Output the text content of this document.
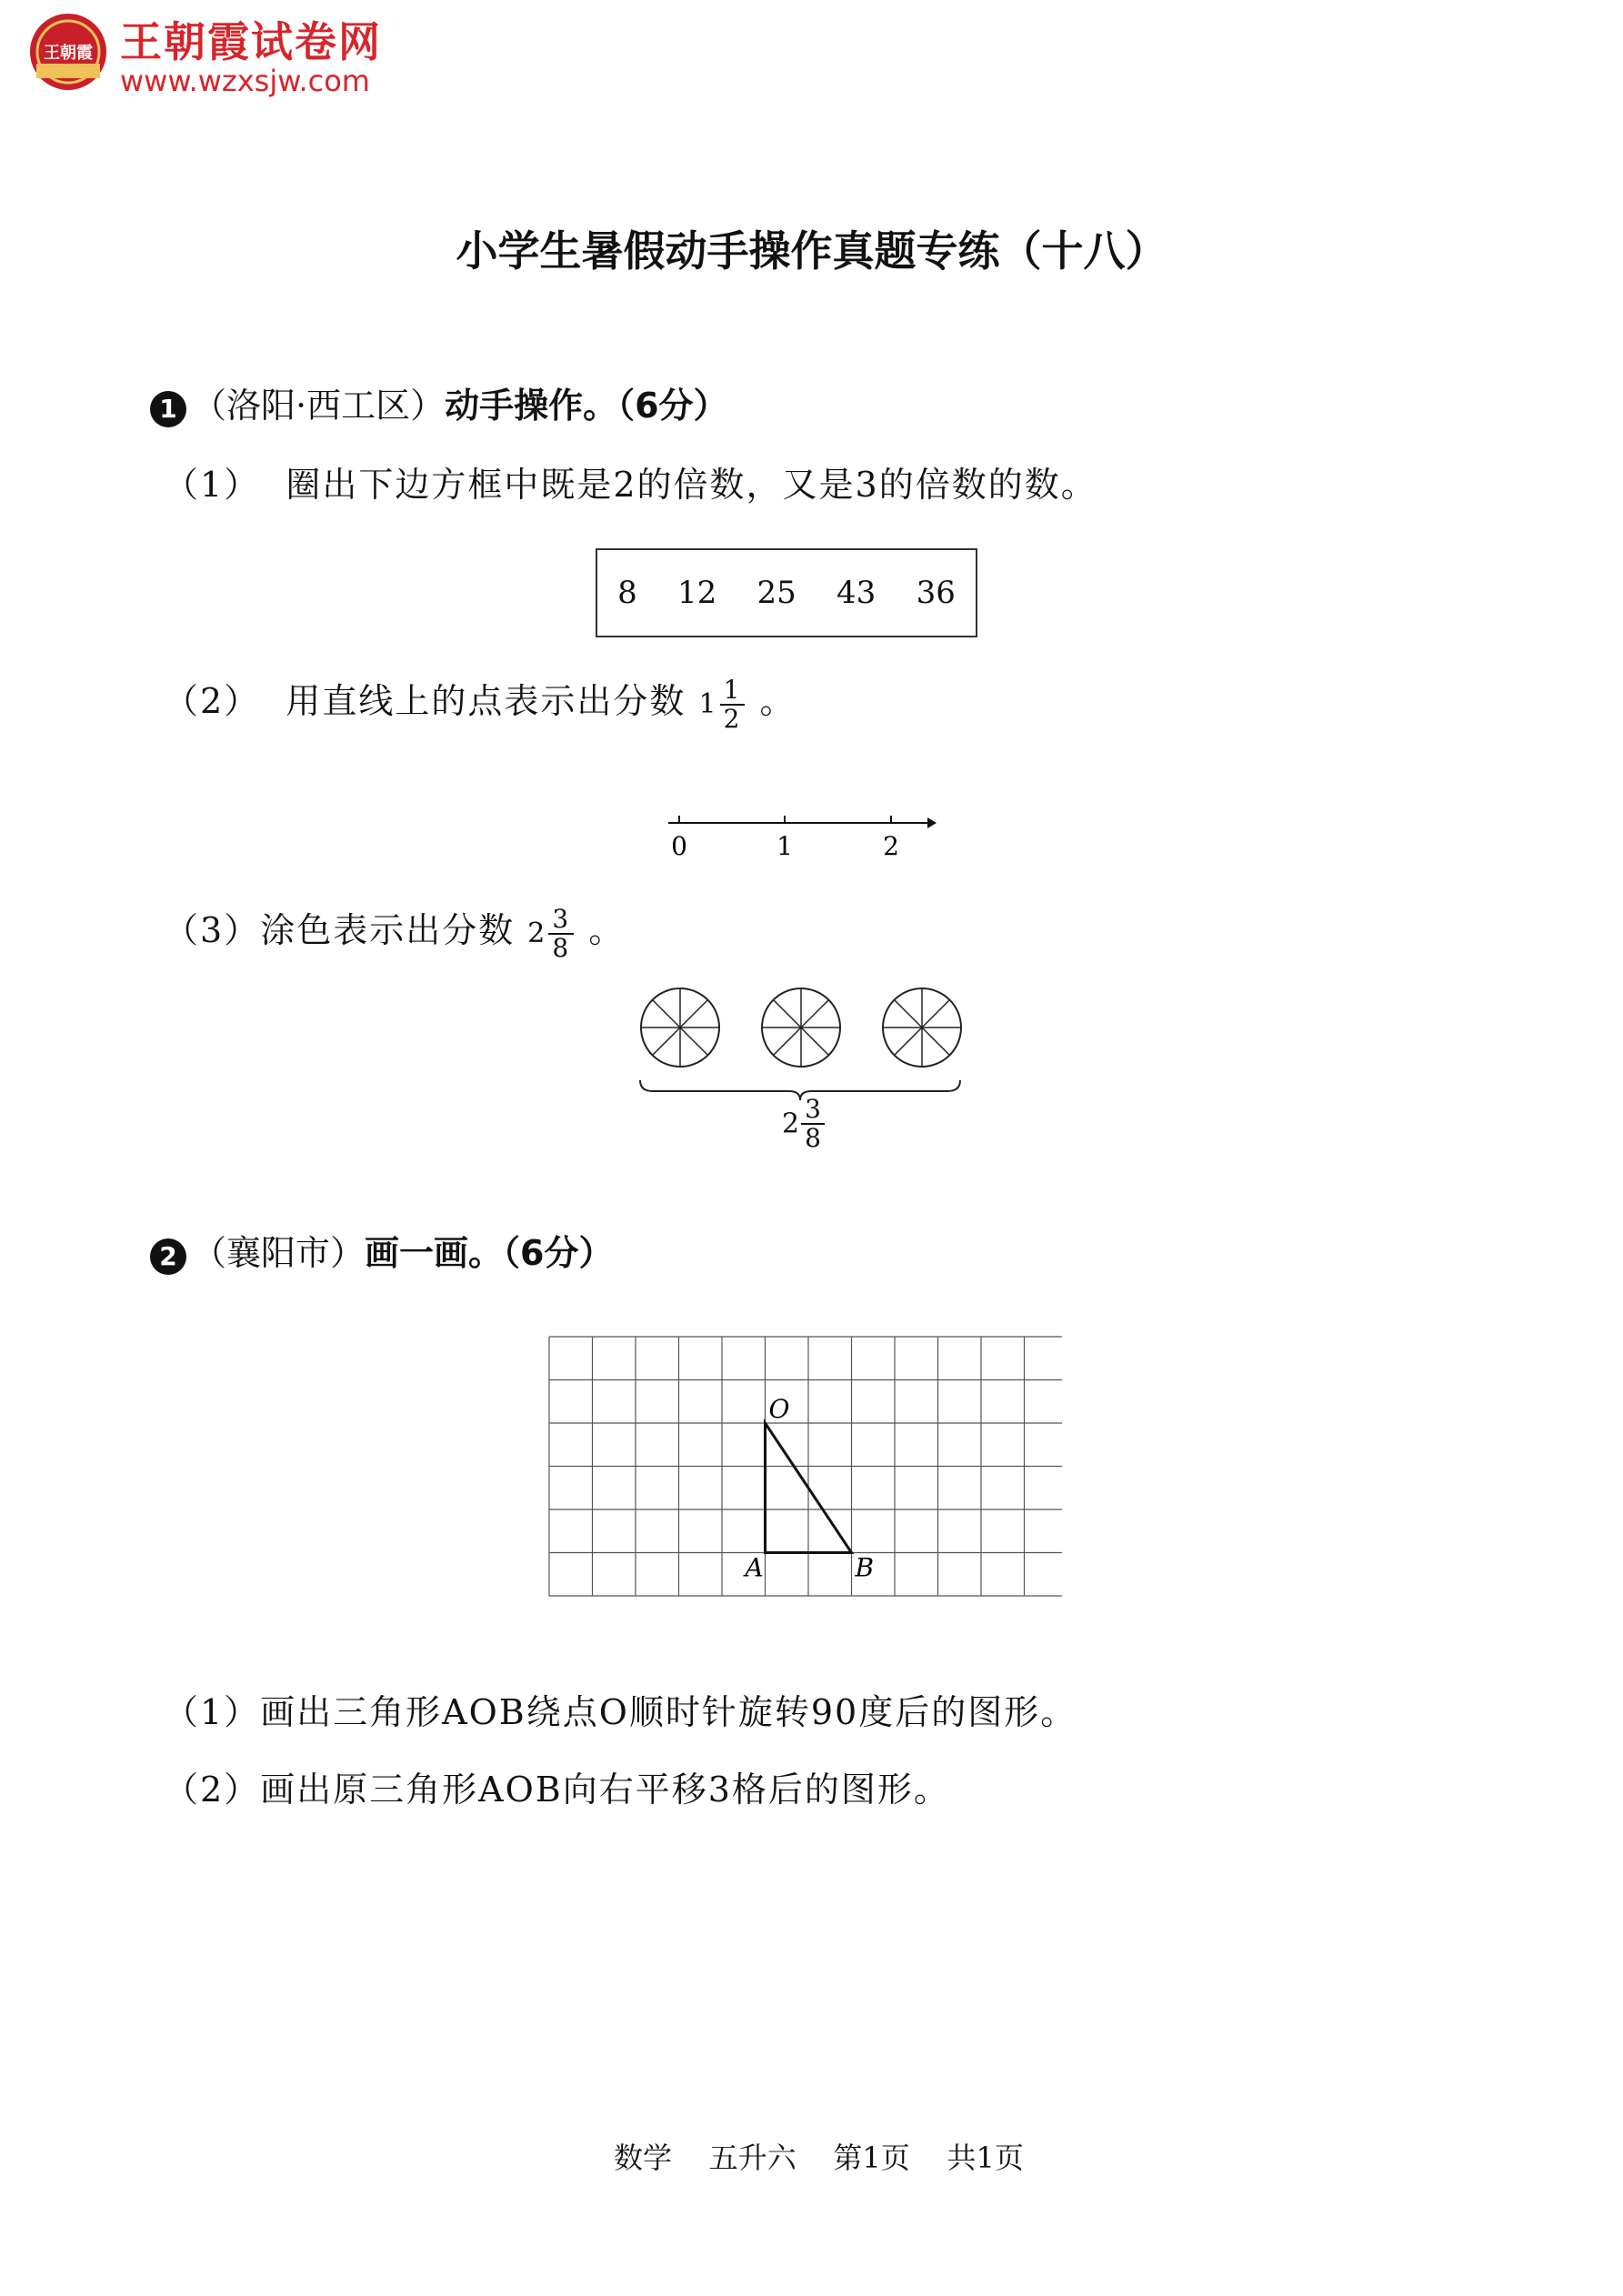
王朝霞 王朝霞试卷网
www.wzxsjw.com
小学生暑假动手操作真题专练（十八）
1 （洛阳·西工区）动手操作。（6分）
（1） 圈出下边方框中既是2的倍数，又是3的倍数的数。
8 12 25 43 36
（2） 用直线上的点表示出分数 $1 \frac{1}{2}$ 。
0	1	2
（3）涂色表示出分数 $2 \frac{3}{8}$ 。
$2 \frac{3}{8}$
2 （襄阳市）画一画。（6分）
O
A	B
（1）画出三角形AOB绕点O顺时针旋转90度后的图形。
（2）画出原三角形AOB向右平移3格后的图形。
数学 五升六 第1页 共1页
